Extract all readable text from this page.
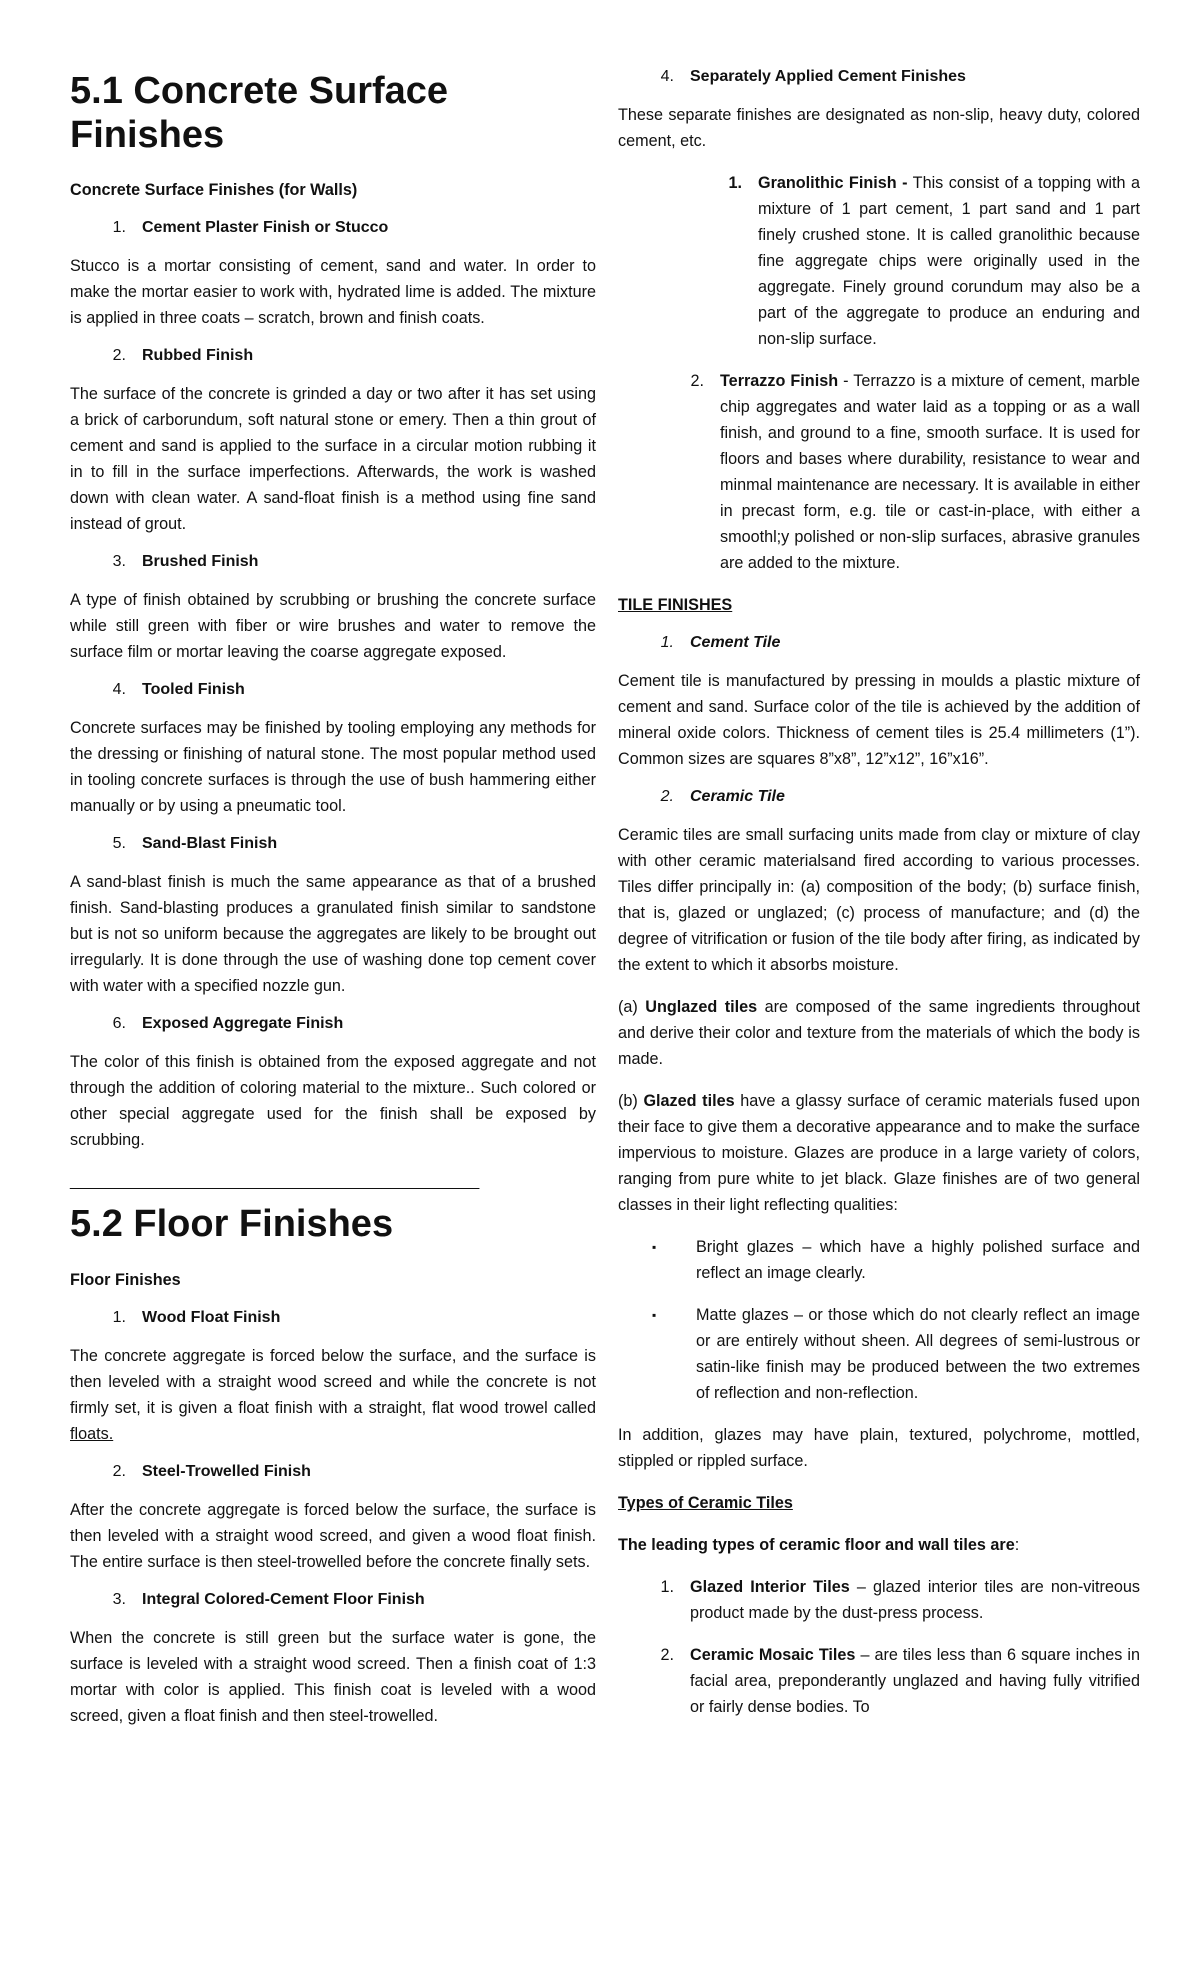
5.1 Concrete Surface Finishes

Concrete Surface Finishes (for Walls)

1.	Cement Plaster Finish or Stucco

Stucco is a mortar consisting of cement, sand and water. In order to make the mortar easier to work with, hydrated lime is added. The mixture is applied in three coats – scratch, brown and finish coats.

2.	Rubbed Finish

The surface of the concrete is grinded a day or two after it has set using a brick of carborundum, soft natural stone or emery. Then a thin grout of cement and sand is applied to the surface in a circular motion rubbing it in to fill in the surface imperfections. Afterwards, the work is washed down with clean water. A sand-float finish is a method using fine sand instead of grout.

3.	Brushed Finish

A type of finish obtained by scrubbing or brushing the concrete surface while still green with fiber or wire brushes and water to remove the surface film or mortar leaving the coarse aggregate exposed.

4.	Tooled Finish

Concrete surfaces may be finished by tooling employing any methods for the dressing or finishing of natural stone. The most popular method used in tooling concrete surfaces is through the use of bush hammering either manually or by using a pneumatic tool.

5.	Sand-Blast Finish

A sand-blast finish is much the same appearance as that of a brushed finish. Sand-blasting produces a granulated finish similar to sandstone but is not so uniform because the aggregates are likely to be brought out irregularly. It is done through the use of washing done top cement cover with water with a specified nozzle gun.

6.	Exposed Aggregate Finish

The color of this finish is obtained from the exposed aggregate and not through the addition of coloring material to the mixture.. Such colored or other special aggregate used for the finish shall be exposed by scrubbing.

______________________________________________
5.2 Floor Finishes

Floor Finishes

1.	Wood Float Finish

The concrete aggregate is forced below the surface, and the surface is then leveled with a straight wood screed and while the concrete is not firmly set, it is given a float finish with a straight, flat wood trowel called floats.

2.	Steel-Trowelled Finish

After the concrete aggregate is forced below the surface, the surface is then leveled with a straight wood screed, and given a wood float finish. The entire surface is then steel-trowelled before the concrete finally sets.

3.	Integral Colored-Cement Floor Finish

When the concrete is still green but the surface water is gone, the surface is leveled with a straight wood screed. Then a finish coat of 1:3 mortar with color is applied. This finish coat is leveled with a wood screed, given a float finish and then steel-trowelled.

4.	Separately Applied Cement Finishes

These separate finishes are designated as non-slip, heavy duty, colored cement, etc.

1. Granolithic Finish - This consist of a topping with a mixture of 1 part cement, 1 part sand and 1 part finely crushed stone. It is called granolithic because fine aggregate chips were originally used in the aggregate. Finely ground corundum may also be a part of the aggregate to produce an enduring and non-slip surface.
2. Terrazzo Finish - Terrazzo is a mixture of cement, marble chip aggregates and water laid as a topping or as a wall finish, and ground to a fine, smooth surface. It is used for floors and bases where durability, resistance to wear and minmal maintenance are necessary. It is available in either in precast form, e.g. tile or cast-in-place, with either a smoothl;y polished or non-slip surfaces, abrasive granules are added to the mixture.

TILE FINISHES

1.	Cement Tile

Cement tile is manufactured by pressing in moulds a plastic mixture of cement and sand. Surface color of the tile is achieved by the addition of mineral oxide colors. Thickness of cement tiles is 25.4 millimeters (1”). Common sizes are squares 8”x8”, 12”x12”, 16”x16”.

2.	Ceramic Tile

Ceramic tiles are small surfacing units made from clay or mixture of clay with other ceramic materialsand fired according to various processes. Tiles differ principally in: (a) composition of the body; (b) surface finish, that is, glazed or unglazed; (c) process of manufacture; and (d) the degree of vitrification or fusion of the tile body after firing, as indicated by the extent to which it absorbs moisture.

(a) Unglazed tiles are composed of the same ingredients throughout and derive their color and texture from the materials of which the body is made.

(b) Glazed tiles have a glassy surface of ceramic materials fused upon their face to give them a decorative appearance and to make the surface impervious to moisture. Glazes are produce in a large variety of colors, ranging from pure white to jet black. Glaze finishes are of two general classes in their light reflecting qualities:

▪	Bright glazes – which have a highly polished surface and reflect an image clearly.
▪	Matte glazes – or those which do not clearly reflect an image or are entirely without sheen. All degrees of semi-lustrous or satin-like finish may be produced between the two extremes of reflection and non-reflection.

In addition, glazes may have plain, textured, polychrome, mottled, stippled or rippled surface.

Types of Ceramic Tiles

The leading types of ceramic floor and wall tiles are:

1. Glazed Interior Tiles – glazed interior tiles are non-vitreous product made by the dust-press process.
2. Ceramic Mosaic Tiles – are tiles less than 6 square inches in facial area, preponderantly unglazed and having fully vitrified or fairly dense bodies. To
